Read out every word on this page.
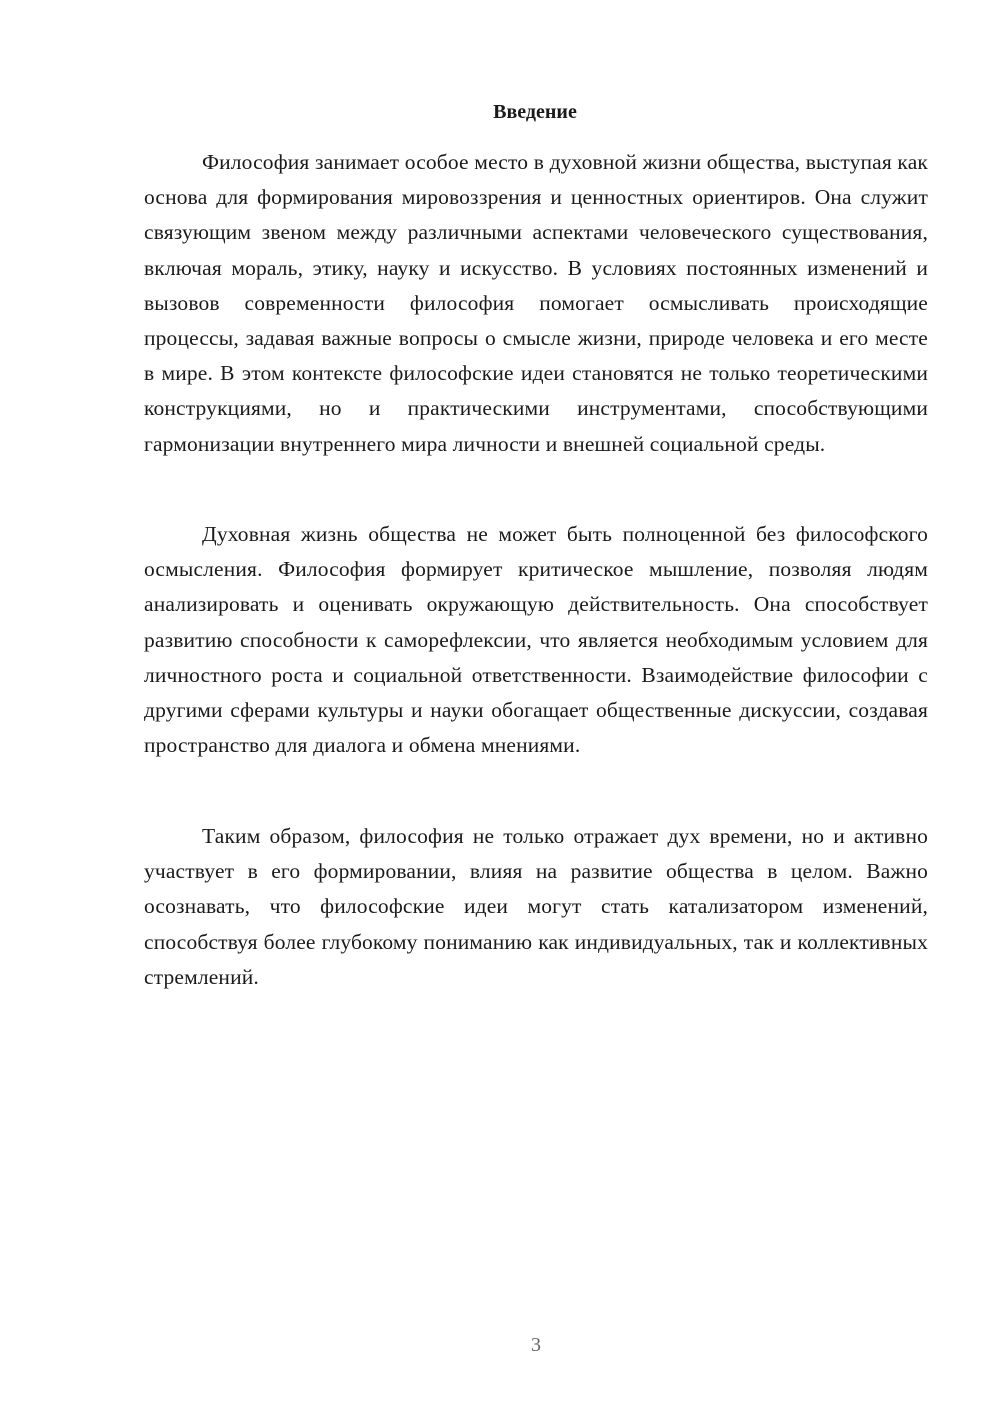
Введение

Философия занимает особое место в духовной жизни общества, выступая как основа для формирования мировоззрения и ценностных ориентиров. Она служит связующим звеном между различными аспектами человеческого существования, включая мораль, этику, науку и искусство. В условиях постоянных изменений и вызовов современности философия помогает осмысливать происходящие процессы, задавая важные вопросы о смысле жизни, природе человека и его месте в мире. В этом контексте философские идеи становятся не только теоретическими конструкциями, но и практическими инструментами, способствующими гармонизации внутреннего мира личности и внешней социальной среды.

Духовная жизнь общества не может быть полноценной без философского осмысления. Философия формирует критическое мышление, позволяя людям анализировать и оценивать окружающую действительность. Она способствует развитию способности к саморефлексии, что является необходимым условием для личностного роста и социальной ответственности. Взаимодействие философии с другими сферами культуры и науки обогащает общественные дискуссии, создавая пространство для диалога и обмена мнениями.

Таким образом, философия не только отражает дух времени, но и активно участвует в его формировании, влияя на развитие общества в целом. Важно осознавать, что философские идеи могут стать катализатором изменений, способствуя более глубокому пониманию как индивидуальных, так и коллективных стремлений.

3
